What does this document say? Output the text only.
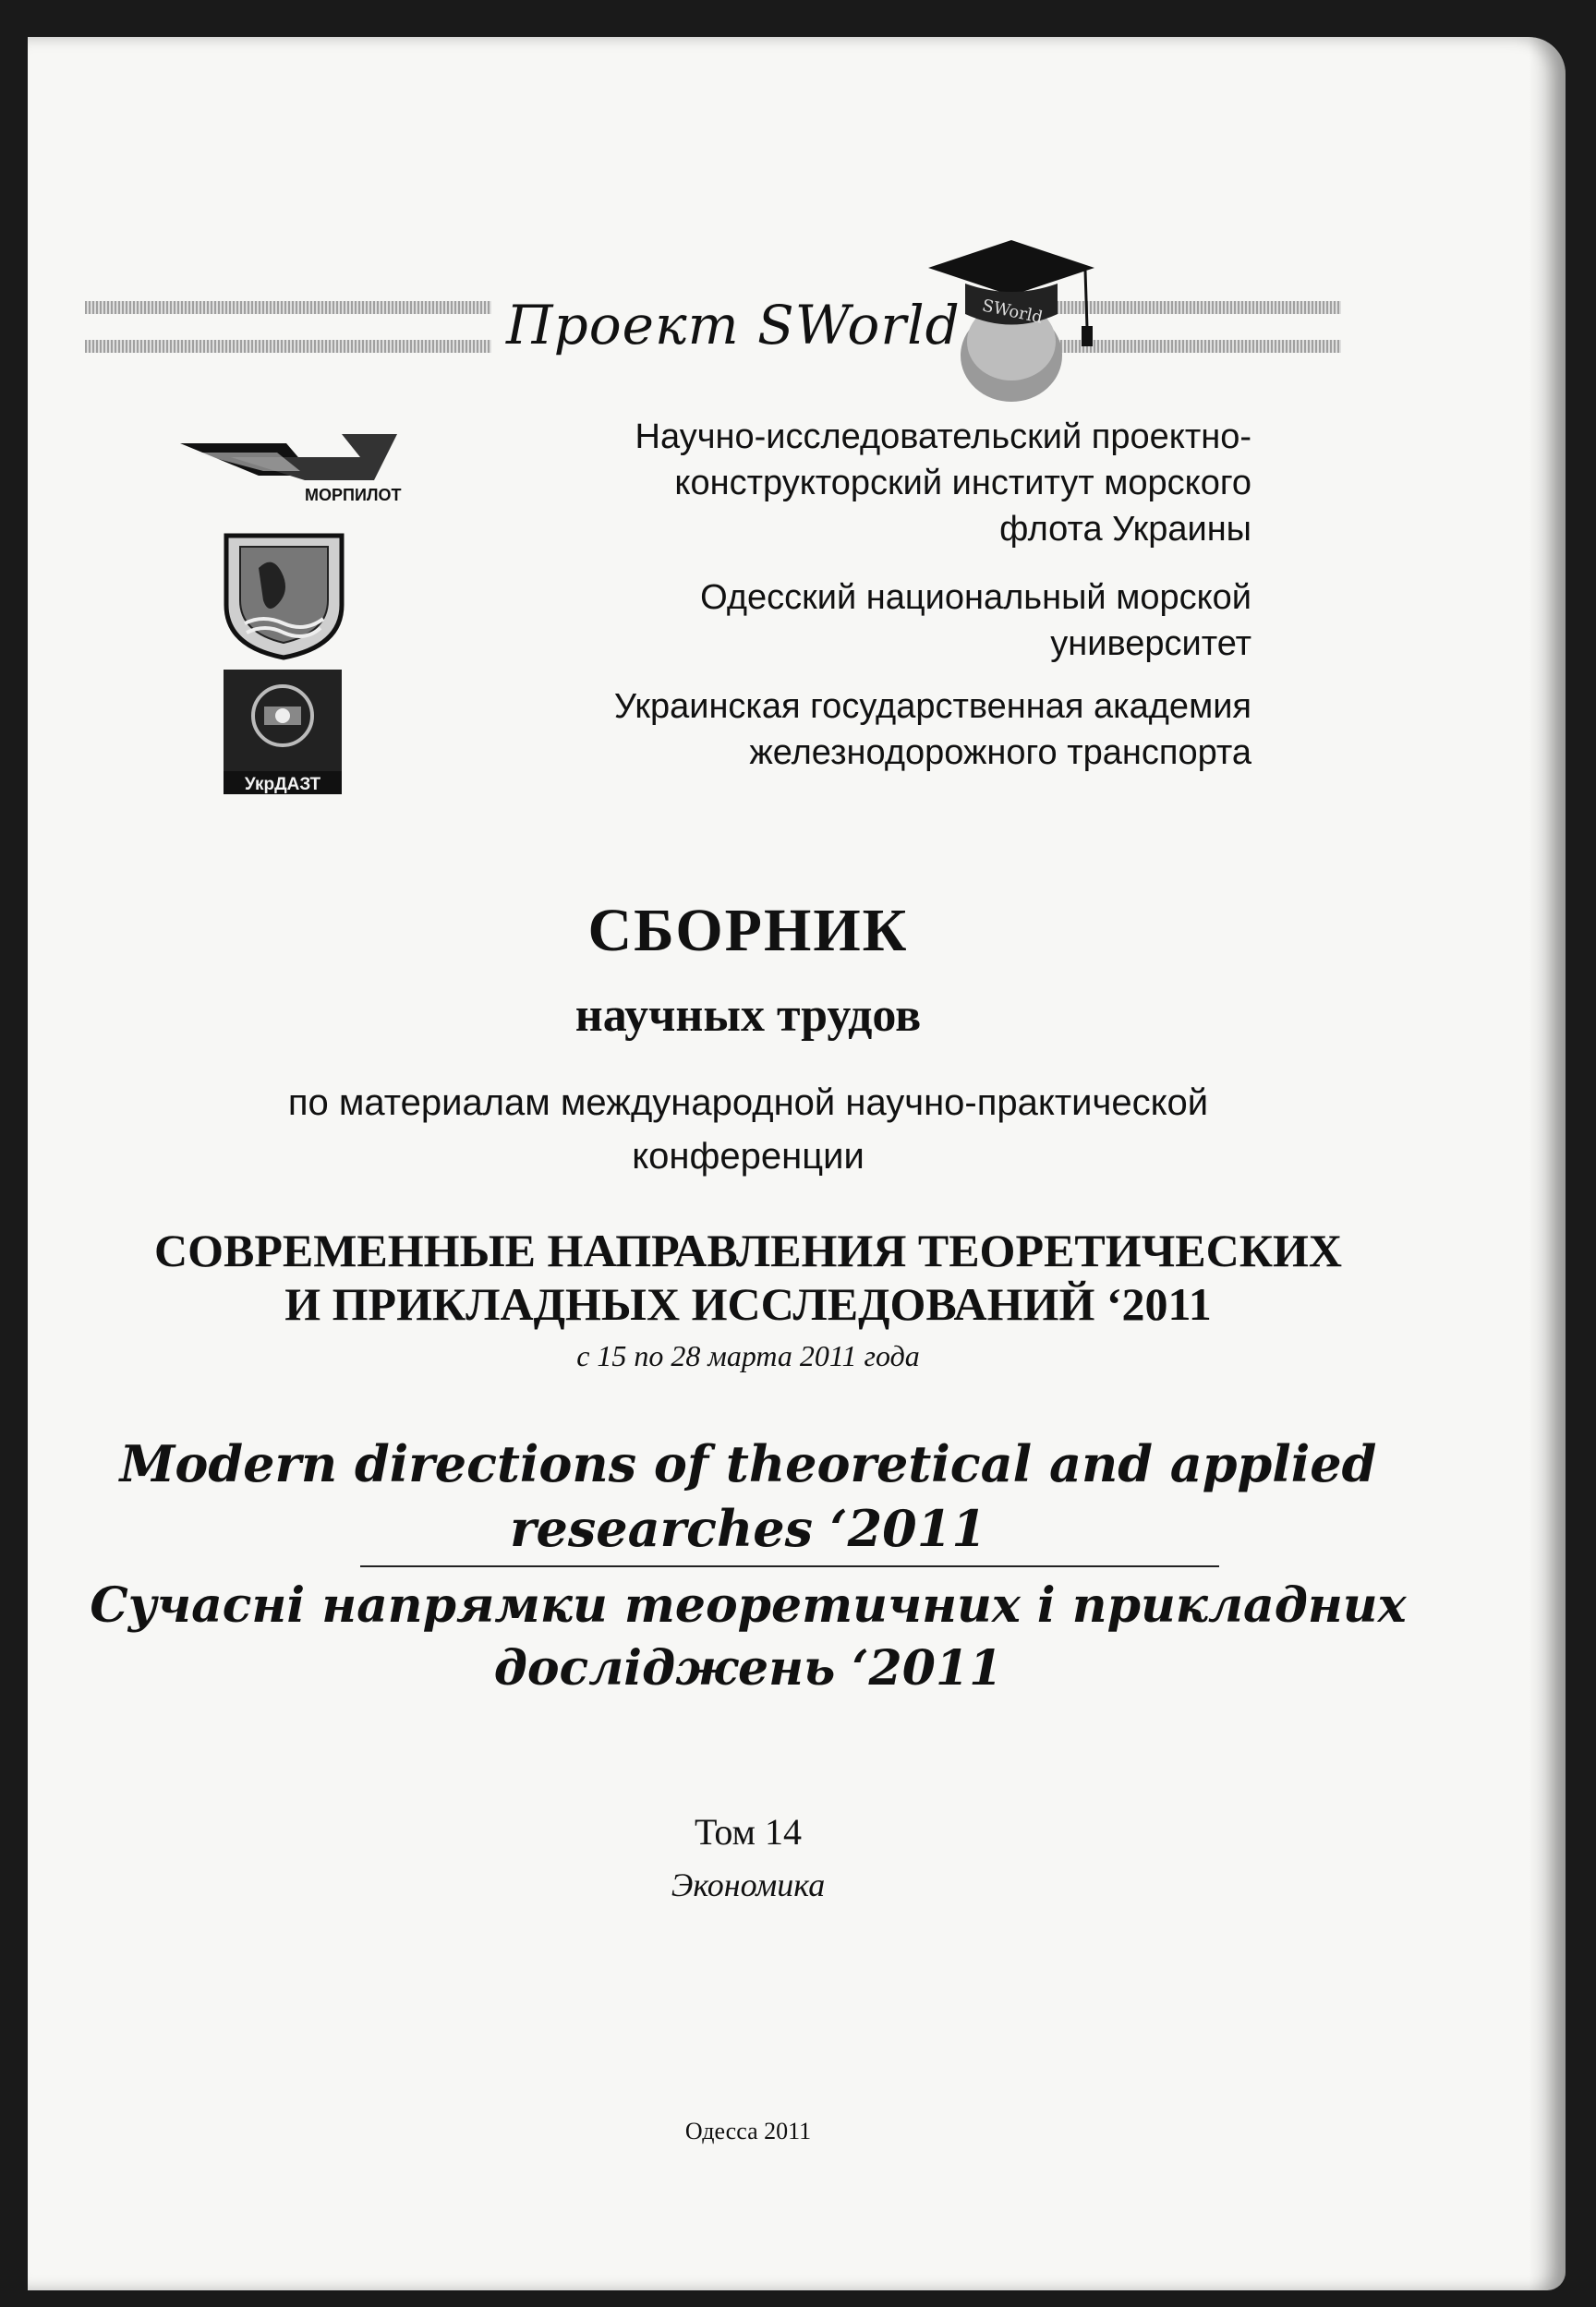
Проект SWorld	SWorld
МОРПИЛОТ
УкрДАЗТ
Научно-исследовательский проектно-
конструкторский институт морского
флота Украины
Одесский национальный морской
университет
Украинская государственная академия
железнодорожного транспорта
СБОРНИК
научных трудов
по материалам международной научно-практической
конференции
СОВРЕМЕННЫЕ НАПРАВЛЕНИЯ ТЕОРЕТИЧЕСКИХ
И ПРИКЛАДНЫХ ИССЛЕДОВАНИЙ ‘2011
с 15 по 28 марта 2011 года
Modern directions of theoretical and applied
researches ‘2011
Сучасні напрямки теоретичних і прикладних
досліджень ‘2011
Том 14
Экономика
Одесса 2011
